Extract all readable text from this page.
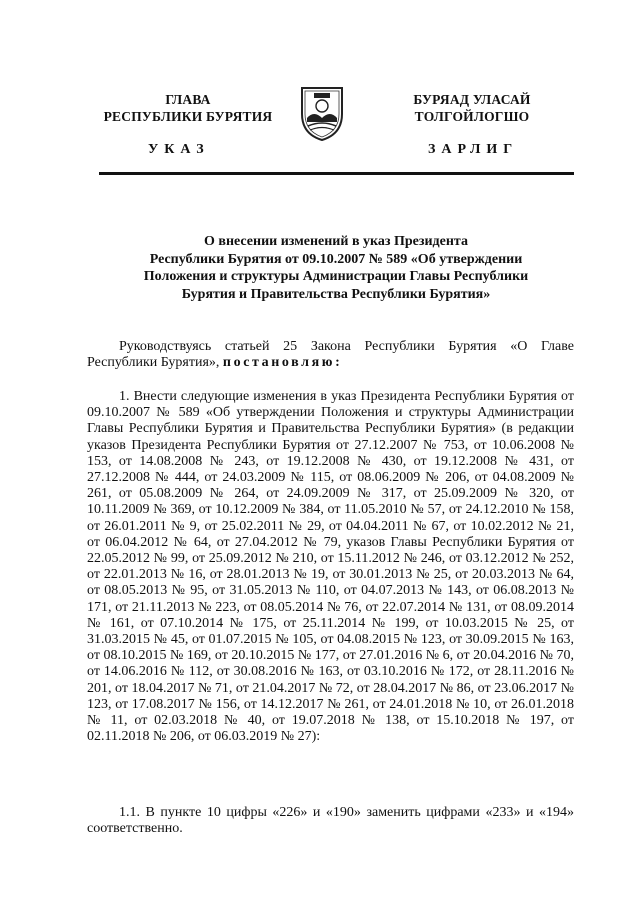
ГЛАВА
РЕСПУБЛИКИ БУРЯТИЯ
БУРЯАД УЛАСАЙ
ТОЛГОЙЛОГШО
УКАЗ	ЗАРЛИГ
О внесении изменений в указ Президента
Республики Бурятия от 09.10.2007 № 589 «Об утверждении
Положения и структуры Администрации Главы Республики
Бурятия и Правительства Республики Бурятия»
Руководствуясь статьей 25 Закона Республики Бурятия «О Главе Республики Бурятия», постановляю:
1. Внести следующие изменения в указ Президента Республики Бурятия от 09.10.2007 № 589 «Об утверждении Положения и структуры Администрации Главы Республики Бурятия и Правительства Республики Бурятия» (в редакции указов Президента Республики Бурятия от 27.12.2007 № 753, от 10.06.2008 № 153, от 14.08.2008 № 243, от 19.12.2008 № 430, от 19.12.2008 № 431, от 27.12.2008 № 444, от 24.03.2009 № 115, от 08.06.2009 № 206, от 04.08.2009 № 261, от 05.08.2009 № 264, от 24.09.2009 № 317, от 25.09.2009 № 320, от 10.11.2009 № 369, от 10.12.2009 № 384, от 11.05.2010 № 57, от 24.12.2010 № 158, от 26.01.2011 № 9, от 25.02.2011 № 29, от 04.04.2011 № 67, от 10.02.2012 № 21, от 06.04.2012 № 64, от 27.04.2012 № 79, указов Главы Республики Бурятия от 22.05.2012 № 99, от 25.09.2012 № 210, от 15.11.2012 № 246, от 03.12.2012 № 252, от 22.01.2013 № 16, от 28.01.2013 № 19, от 30.01.2013 № 25, от 20.03.2013 № 64, от 08.05.2013 № 95, от 31.05.2013 № 110, от 04.07.2013 № 143, от 06.08.2013 № 171, от 21.11.2013 № 223, от 08.05.2014 № 76, от 22.07.2014 № 131, от 08.09.2014 № 161, от 07.10.2014 № 175, от 25.11.2014 № 199, от 10.03.2015 № 25, от 31.03.2015 № 45, от 01.07.2015 № 105, от 04.08.2015 № 123, от 30.09.2015 № 163, от 08.10.2015 № 169, от 20.10.2015 № 177, от 27.01.2016 № 6, от 20.04.2016 № 70, от 14.06.2016 № 112, от 30.08.2016 № 163, от 03.10.2016 № 172, от 28.11.2016 № 201, от 18.04.2017 № 71, от 21.04.2017 № 72, от 28.04.2017 № 86, от 23.06.2017 № 123, от 17.08.2017 № 156, от 14.12.2017 № 261, от 24.01.2018 № 10, от 26.01.2018 № 11, от 02.03.2018 № 40, от 19.07.2018 № 138, от 15.10.2018 № 197, от 02.11.2018 № 206, от 06.03.2019 № 27):
1.1. В пункте 10 цифры «226» и «190» заменить цифрами «233» и «194» соответственно.
